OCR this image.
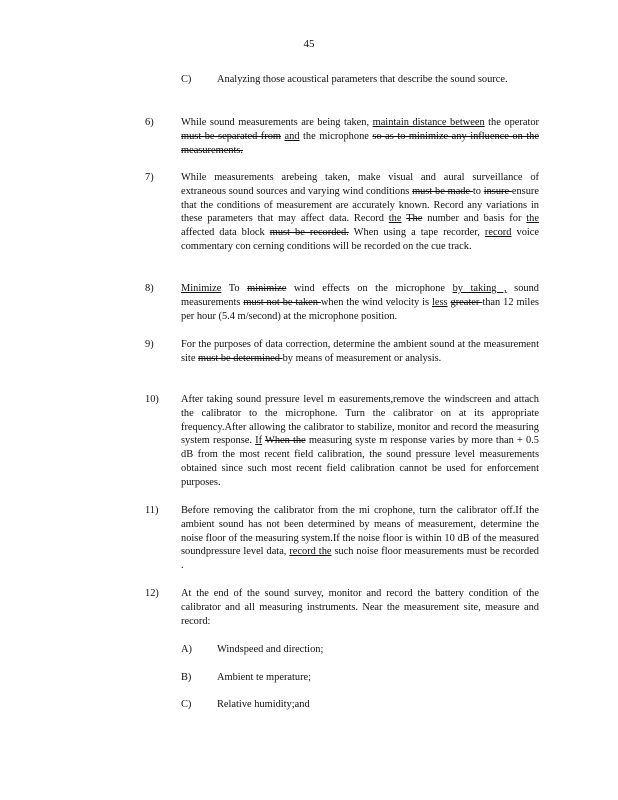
45
C) Analyzing those acoustical parameters that describe the sound source.
6)	While sound measurements are being taken, maintain distance between the operator must be separated from and the microphone so as to minimize any influence on the measurements.
7)	While measurements arebeing taken, make visual and aural surveillance of extraneous sound sources and varying wind conditions must be made to insure ensure that the conditions of measurement are accurately known. Record any variations in these parameters that may affect data. Record the The number and basis for the affected data block must be recorded. When using a tape recorder, record voice commentary con cerning conditions will be recorded on the cue track.
8)	Minimize To minimize wind effects on the microphone by taking , sound measurements must not be taken when the wind velocity is less greater than 12 miles per hour (5.4 m/second) at the microphone position.
9)	For the purposes of data correction, determine the ambient sound at the measurement site must be determined by means of measurement or analysis.
10) After taking sound pressure level m easurements,remove the windscreen and attach the calibrator to the microphone. Turn the calibrator on at its appropriate frequency.After allowing the calibrator to stabilize, monitor and record the measuring system response. If When the measuring syste m response varies by more than + 0.5 dB from the most recent field calibration, the sound pressure level measurements obtained since such most recent field calibration cannot be used for enforcement purposes.
11) Before removing the calibrator from the mi crophone, turn the calibrator off.If the ambient sound has not been determined by means of measurement, determine the noise floor of the measuring system.If the noise floor is within 10 dB of the measured soundpressure level data, record the such noise floor measurements must be recorded .
12) At the end of the sound survey, monitor and record the battery condition of the calibrator and all measuring instruments. Near the measurement site, measure and record:
A) Windspeed and direction;
B) Ambient te mperature;
C) Relative humidity;and
